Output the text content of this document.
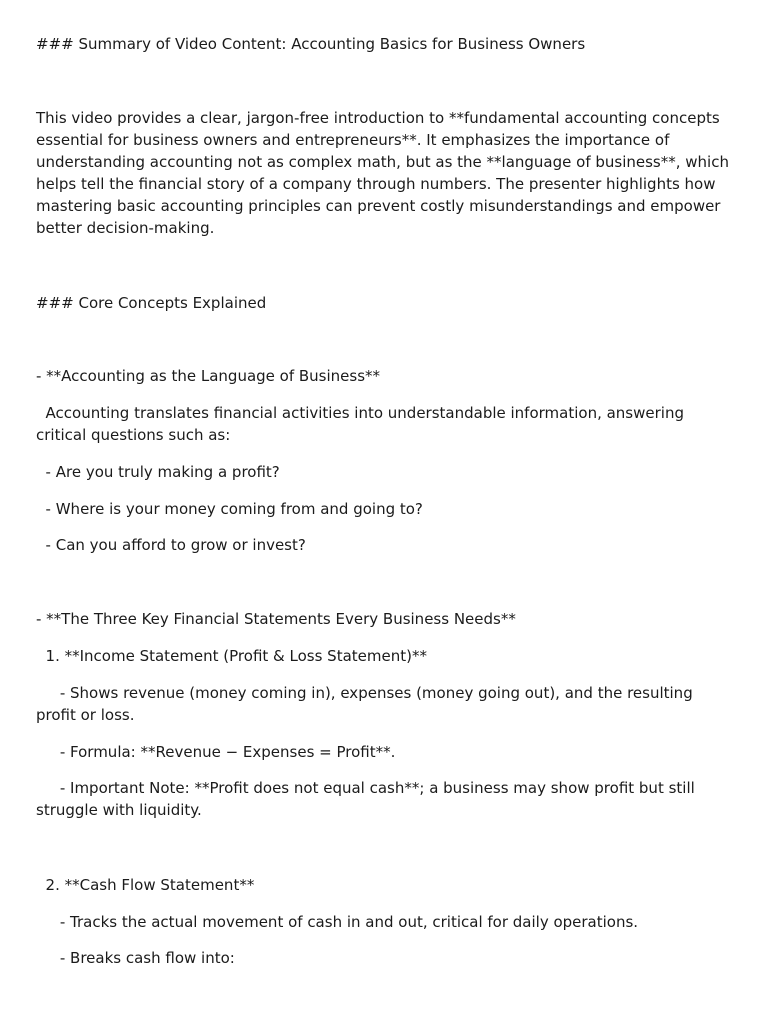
### Summary of Video Content: Accounting Basics for Business Owners

This video provides a clear, jargon-free introduction to **fundamental accounting concepts essential for business owners and entrepreneurs**. It emphasizes the importance of understanding accounting not as complex math, but as the **language of business**, which helps tell the financial story of a company through numbers. The presenter highlights how mastering basic accounting principles can prevent costly misunderstandings and empower better decision-making.

### Core Concepts Explained

- **Accounting as the Language of Business**

Accounting translates financial activities into understandable information, answering critical questions such as:

- Are you truly making a profit?

- Where is your money coming from and going to?

- Can you afford to grow or invest?

- **The Three Key Financial Statements Every Business Needs**

1. **Income Statement (Profit & Loss Statement)**

- Shows revenue (money coming in), expenses (money going out), and the resulting profit or loss.

- Formula: **Revenue − Expenses = Profit**.

- Important Note: **Profit does not equal cash**; a business may show profit but still struggle with liquidity.

2. **Cash Flow Statement**

- Tracks the actual movement of cash in and out, critical for daily operations.

- Breaks cash flow into:
